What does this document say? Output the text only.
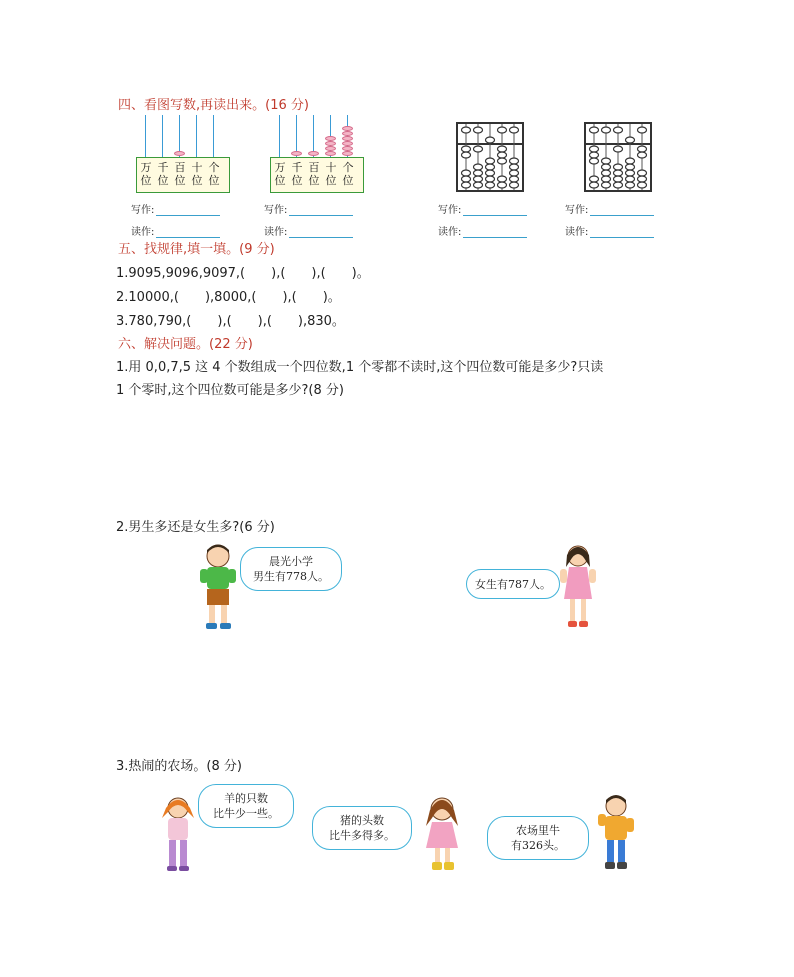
四、看图写数,再读出来。(16 分)
万
位
千
位
百
位
十
位
个
位
万
位
千
位
百
位
十
位
个
位
写作:
读作:
写作:
读作:
写作:
读作:
写作:
读作:
五、找规律,填一填。(9 分)
1.9095,9096,9097,(　　),(　　),(　　)。
2.10000,(　　),8000,(　　),(　　)。
3.780,790,(　　),(　　),(　　),830。
六、解决问题。(22 分)
1.用 0,0,7,5 这 4 个数组成一个四位数,1 个零都不读时,这个四位数可能是多少?只读
1 个零时,这个四位数可能是多少?(8 分)
2.男生多还是女生多?(6 分)
晨光小学
男生有778人。
女生有787人。
3.热闹的农场。(8 分)
羊的只数
比牛少一些。
猪的头数
比牛多得多。	农场里牛
有326头。
